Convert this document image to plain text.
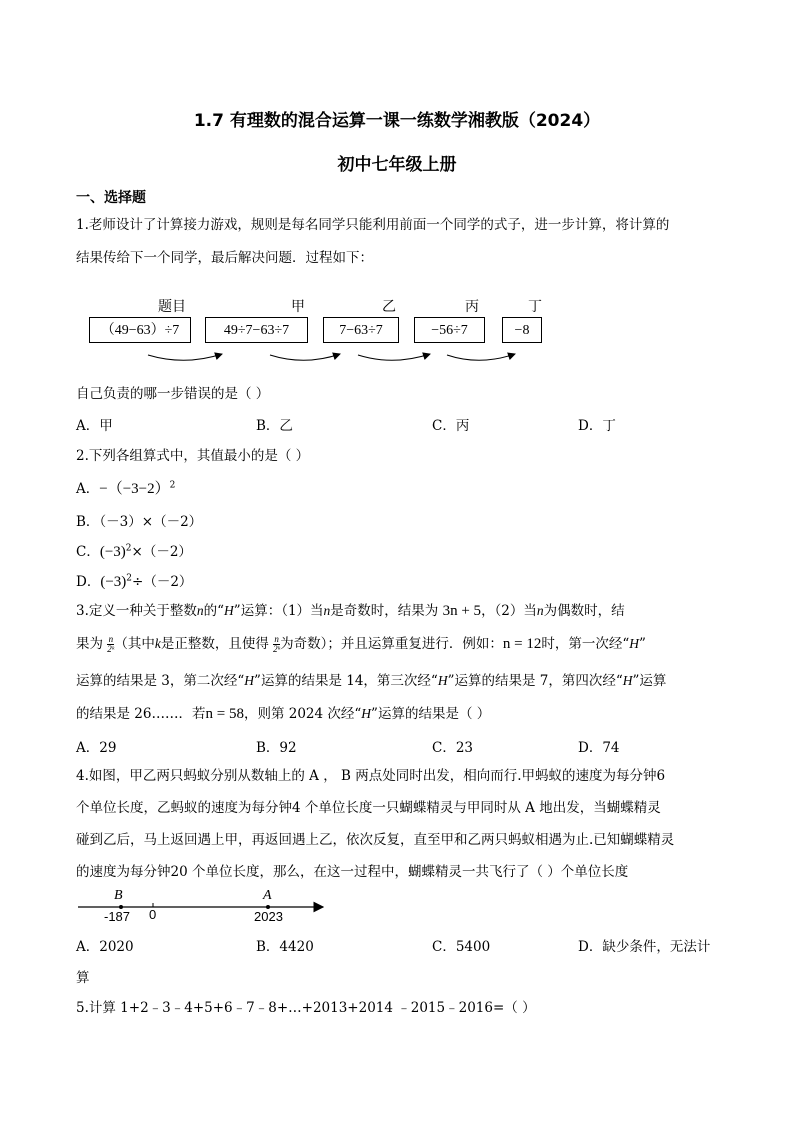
1.7 有理数的混合运算一课一练数学湘教版（2024）
初中七年级上册
一、选择题
1.老师设计了计算接力游戏，规则是每名同学只能利用前面一个同学的式子，进一步计算，将计算的
结果传给下一个同学，最后解决问题．过程如下：
题目	甲	乙	丙	丁
（49−63）÷7	49÷7−63÷7	7−63÷7	−56÷7	−8
自己负责的哪一步错误的是（ ）
A．甲	B．乙	C．丙	D．丁
2.下列各组算式中，其值最小的是（ ）
A．$-(-3-2)^2$
B．（－3）×（－2）
C．$(-3)^2\times(-2)$
D．$(-3)^2\div(-2)$
3.定义一种关于整数n的“H”运算：（1）当n是奇数时，结果为 3n + 5，（2）当n为偶数时，结
果为 $\frac{n}{\text{2ᵏ}}$（其中k是正整数，且使得 $\frac{n}{\text{2ᵏ}}$为奇数）；并且运算重复进行．例如：n = 12时，第一次经“H”
运算的结果是 3，第二次经“H”运算的结果是 14，第三次经“H”运算的结果是 7，第四次经“H”运算
的结果是 26……．若n = 58，则第 2024 次经“H”运算的结果是（ ）
A．29	B．92	C．23	D．74
4.如图，甲乙两只蚂蚁分别从数轴上的 A ， B 两点处同时出发，相向而行.甲蚂蚁的速度为每分钟6
个单位长度，乙蚂蚁的速度为每分钟4 个单位长度一只蝴蝶精灵与甲同时从 A 地出发，当蝴蝶精灵
碰到乙后，马上返回遇上甲，再返回遇上乙，依次反复，直至甲和乙两只蚂蚁相遇为止.已知蝴蝶精灵
的速度为每分钟20 个单位长度，那么，在这一过程中，蝴蝶精灵一共飞行了（ ）个单位长度
B
-187 0
A
2023
A．2020	B．4420	C．5400	D．缺少条件，无法计
算
5.计算 1+2﹣3﹣4+5+6﹣7﹣8+…+2013+2014 ﹣2015﹣2016=（ ）
